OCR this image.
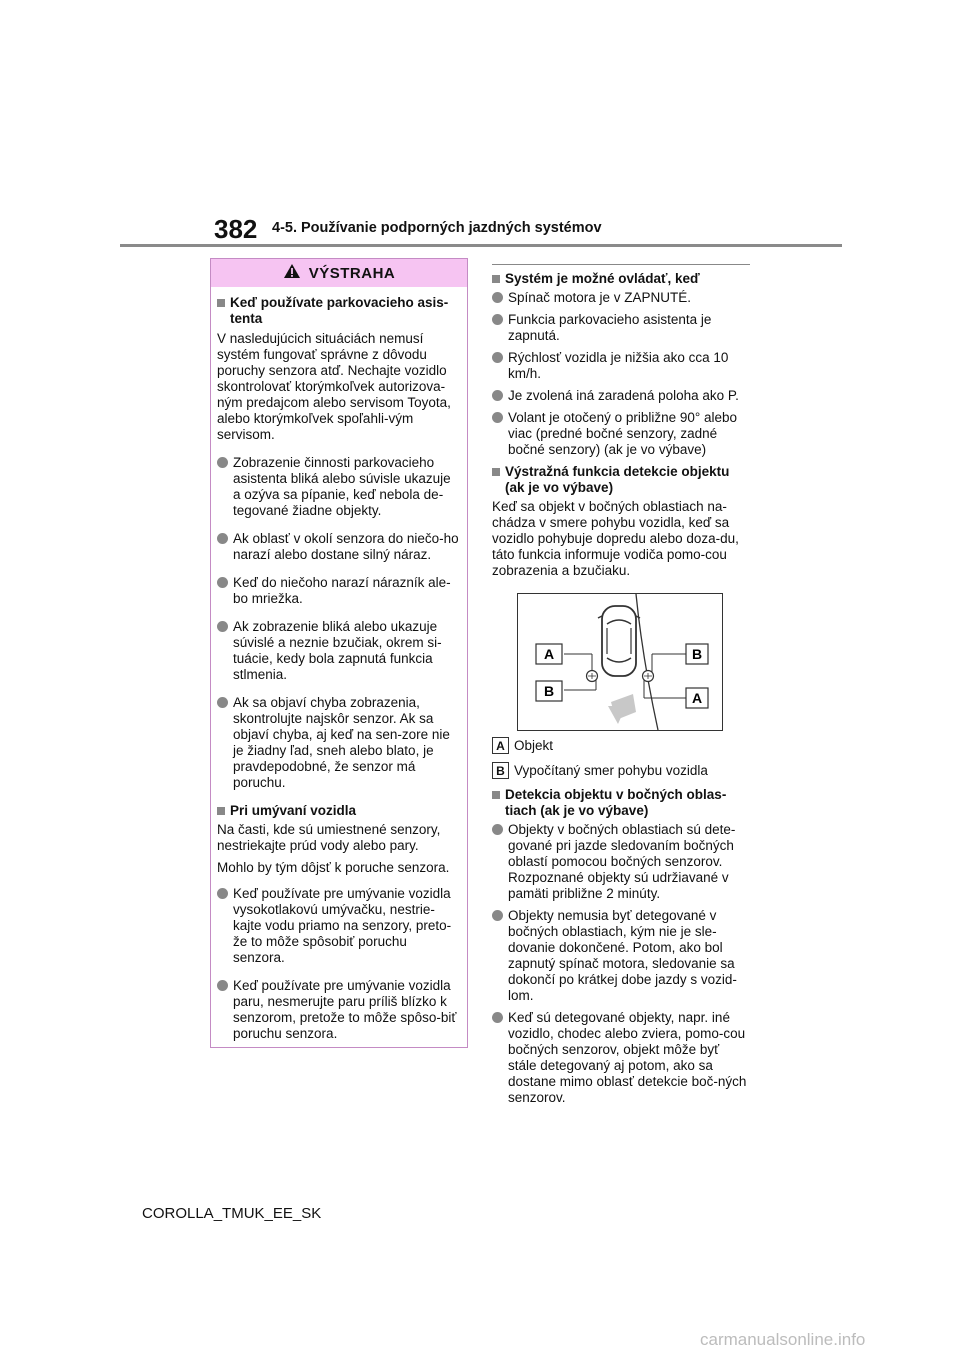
382 4-5. Používanie podporných jazdných systémov
VÝSTRAHA
Keď používate parkovacieho asis-tenta
V nasledujúcich situáciách nemusí systém fungovať správne z dôvodu poruchy senzora atď. Nechajte vozidlo skontrolovať ktorýmkoľvek autorizova-ným predajcom alebo servisom Toyota, alebo ktorýmkoľvek spoľahli-vým servisom.
Zobrazenie činnosti parkovacieho asistenta bliká alebo súvisle ukazuje a ozýva sa pípanie, keď nebola de-tegované žiadne objekty.
Ak oblasť v okolí senzora do niečo-ho narazí alebo dostane silný náraz.
Keď do niečoho narazí nárazník ale-bo mriežka.
Ak zobrazenie bliká alebo ukazuje súvislé a neznie bzučiak, okrem si-tuácie, kedy bola zapnutá funkcia stlmenia.
Ak sa objaví chyba zobrazenia, skontrolujte najskôr senzor. Ak sa objaví chyba, aj keď na sen-zore nie je žiadny ľad, sneh alebo blato, je pravdepodobné, že senzor má poruchu.
Pri umývaní vozidla
Na časti, kde sú umiestnené senzory, nestriekajte prúd vody alebo pary.
Mohlo by tým dôjsť k poruche senzora.
Keď používate pre umývanie vozidla vysokotlakovú umývačku, nestrie-kajte vodu priamo na senzory, preto-že to môže spôsobiť poruchu senzora.
Keď používate pre umývanie vozidla paru, nesmerujte paru príliš blízko k senzorom, pretože to môže spôso-biť poruchu senzora.
Systém je možné ovládať, keď
Spínač motora je v ZAPNUTÉ.
Funkcia parkovacieho asistenta je zapnutá.
Rýchlosť vozidla je nižšia ako cca 10 km/h.
Je zvolená iná zaradená poloha ako P.
Volant je otočený o približne 90° alebo viac (predné bočné senzory, zadné bočné senzory) (ak je vo výbave)
Výstražná funkcia detekcie objektu (ak je vo výbave)
Keď sa objekt v bočných oblastiach na-chádza v smere pohybu vozidla, keď sa vozidlo pohybuje dopredu alebo doza-du, táto funkcia informuje vodiča pomo-cou zobrazenia a bzučiaku.
A
B
B
A
A Objekt
B Vypočítaný smer pohybu vozidla
Detekcia objektu v bočných oblas-tiach (ak je vo výbave)
Objekty v bočných oblastiach sú dete-gované pri jazde sledovaním bočných oblastí pomocou bočných senzorov. Rozpoznané objekty sú udržiavané v pamäti približne 2 minúty.
Objekty nemusia byť detegované v bočných oblastiach, kým nie je sle-dovanie dokončené. Potom, ako bol zapnutý spínač motora, sledovanie sa dokončí po krátkej dobe jazdy s vozid-lom.
Keď sú detegované objekty, napr. iné vozidlo, chodec alebo zviera, pomo-cou bočných senzorov, objekt môže byť stále detegovaný aj potom, ako sa dostane mimo oblasť detekcie boč-ných senzorov.
COROLLA_TMUK_EE_SK
carmanualsonline.info
